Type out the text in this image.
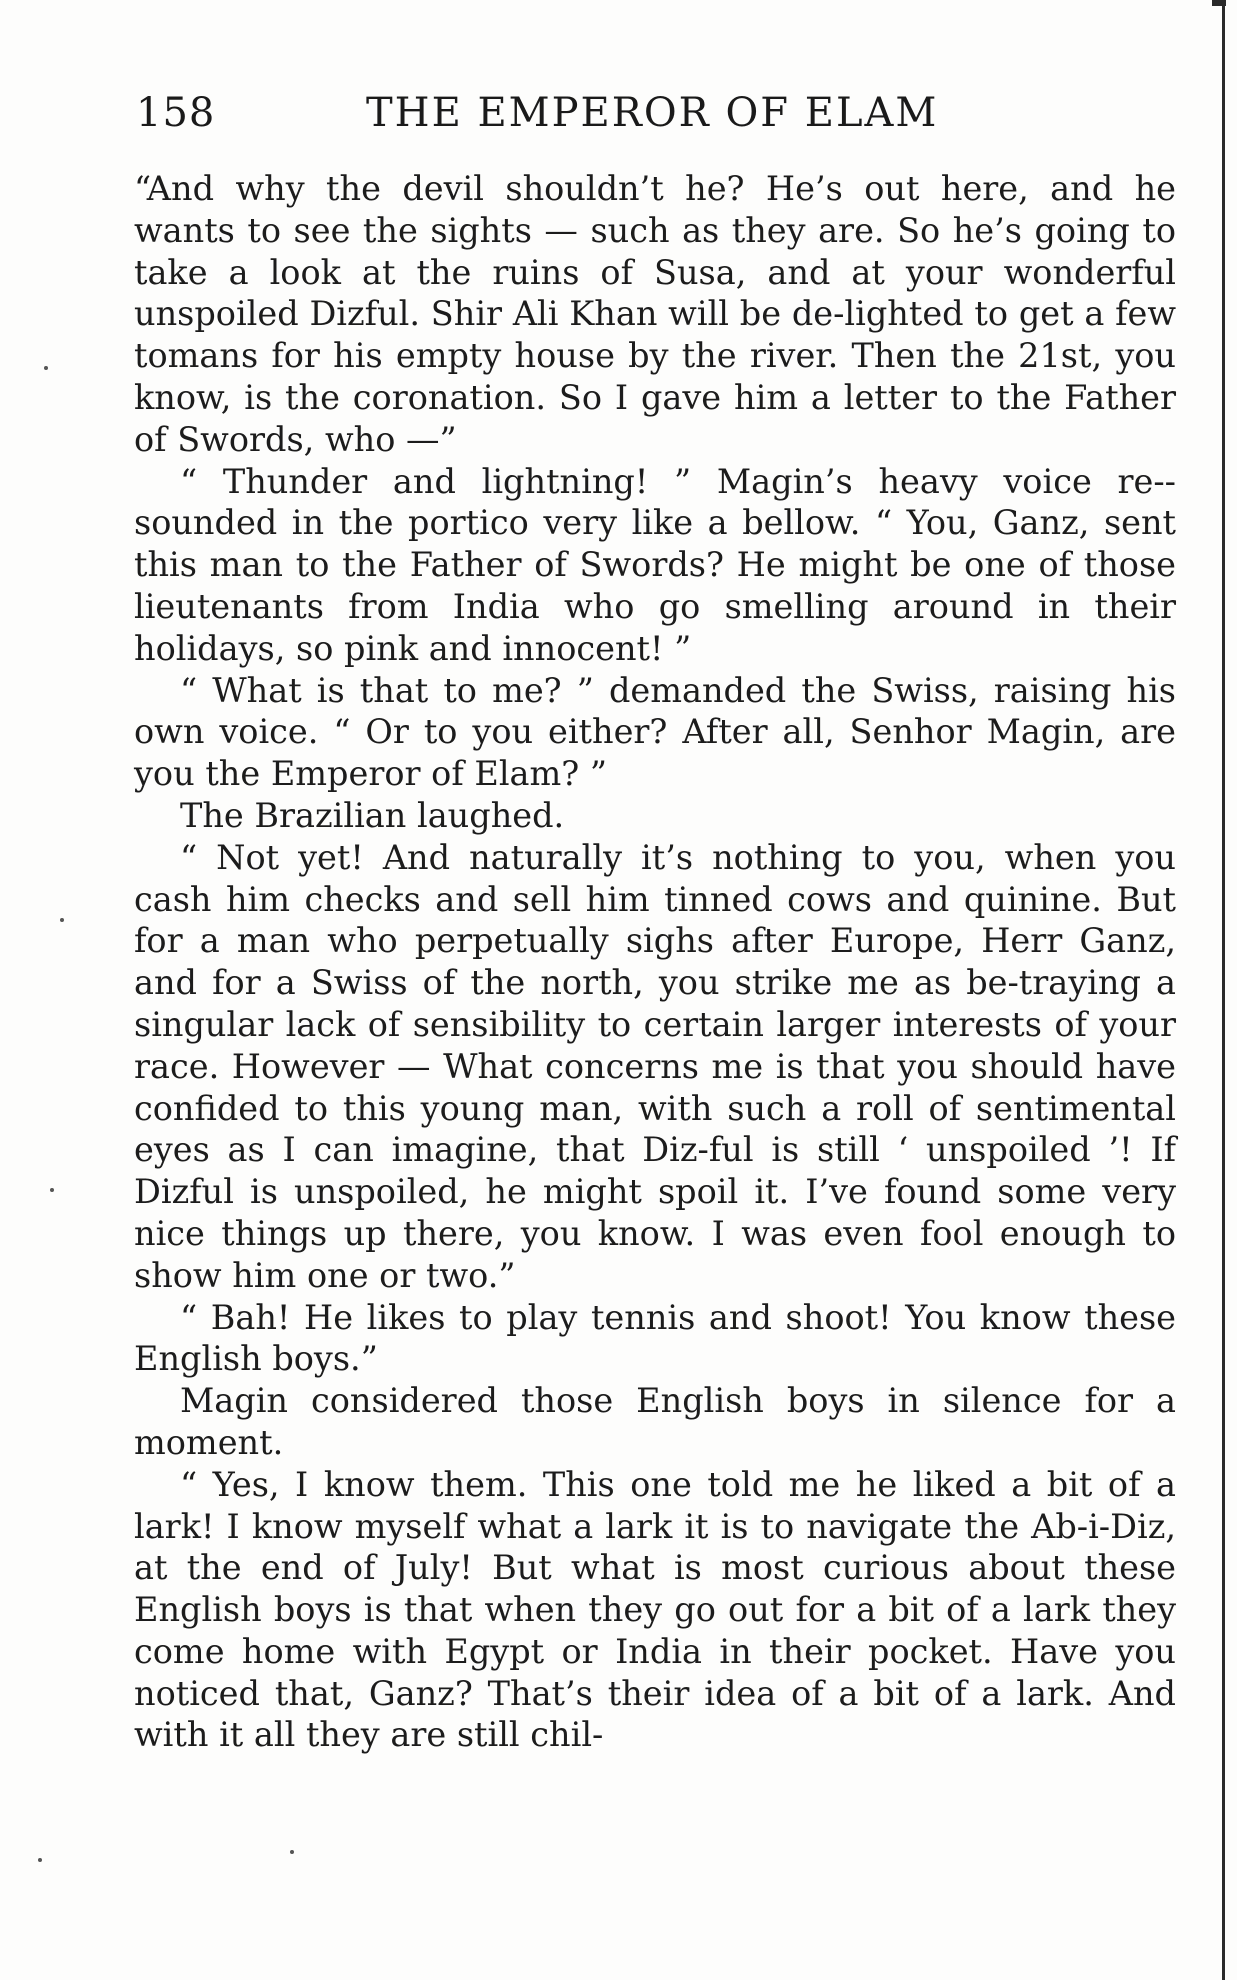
158	THE EMPEROR OF ELAM

“And why the devil shouldn’t he? He’s out here, and he wants to see the sights — such as they are. So he’s going to take a look at the ruins of Susa, and at your wonderful unspoiled Dizful. Shir Ali Khan will be de-lighted to get a few tomans for his empty house by the river. Then the 21st, you know, is the coronation. So I gave him a letter to the Father of Swords, who —”

“ Thunder and lightning! ” Magin’s heavy voice re-sounded in the portico very like a bellow. “ You, Ganz, sent this man to the Father of Swords? He might be one of those lieutenants from India who go smelling around in their holidays, so pink and innocent! ”

“ What is that to me? ” demanded the Swiss, raising his own voice. “ Or to you either? After all, Senhor Magin, are you the Emperor of Elam? ”

The Brazilian laughed.

“ Not yet! And naturally it’s nothing to you, when you cash him checks and sell him tinned cows and quinine. But for a man who perpetually sighs after Europe, Herr Ganz, and for a Swiss of the north, you strike me as be-traying a singular lack of sensibility to certain larger interests of your race. However — What concerns me is that you should have confided to this young man, with such a roll of sentimental eyes as I can imagine, that Diz-ful is still ‘ unspoiled ’! If Dizful is unspoiled, he might spoil it. I’ve found some very nice things up there, you know. I was even fool enough to show him one or two.”

“ Bah! He likes to play tennis and shoot! You know these English boys.”

Magin considered those English boys in silence for a moment.

“ Yes, I know them. This one told me he liked a bit of a lark! I know myself what a lark it is to navigate the Ab-i-Diz, at the end of July! But what is most curious about these English boys is that when they go out for a bit of a lark they come home with Egypt or India in their pocket. Have you noticed that, Ganz? That’s their idea of a bit of a lark. And with it all they are still chil-
